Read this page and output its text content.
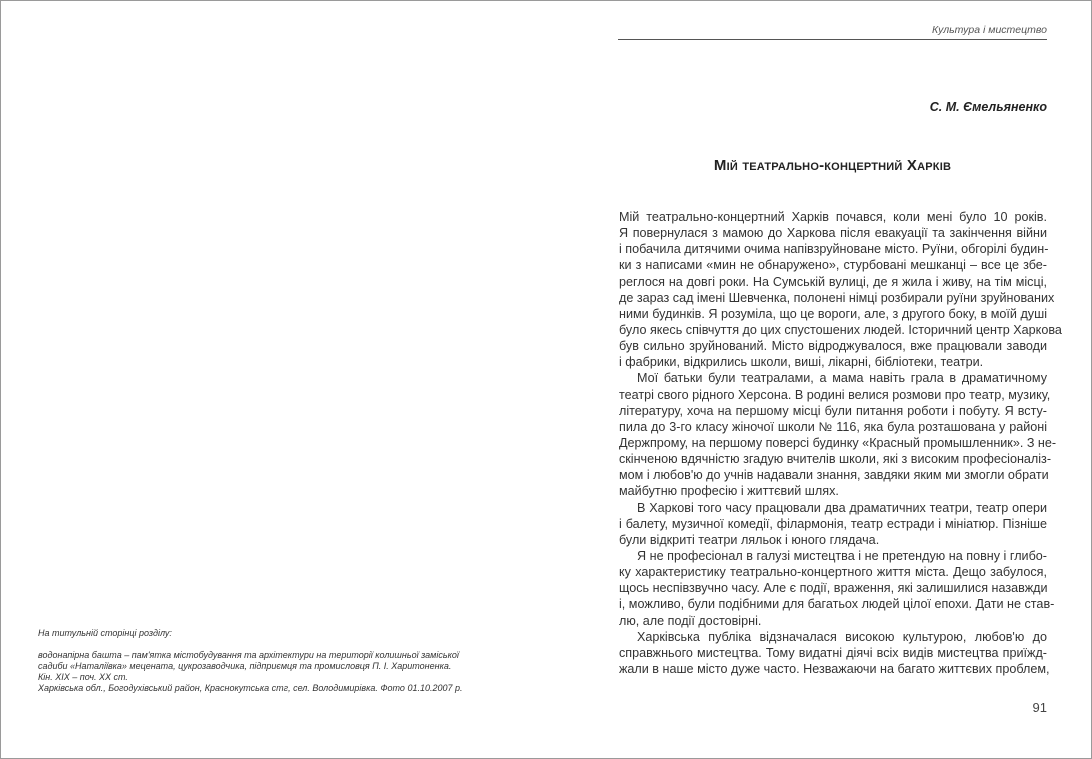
На титульній сторінці розділу:
водонапірна башта – пам'ятка містобудування та архітектури на території колишньої заміської
садиби «Наталіївка» мецената, цукрозаводчика, підприємця та промисловця П. І. Харитоненка.
Кін. XIX – поч. XX ст.
Харківська обл., Богодухівський район, Краснокутська стг, сел. Володимирівка. Фото 01.10.2007 р.
Культура і мистецтво
С. М. Ємельяненко
Мій театрально-концертний Харків
Мій театрально-концертний Харків почався, коли мені було 10 років.
Я повернулася з мамою до Харкова після евакуації та закінчення війни
і побачила дитячими очима напівзруйноване місто. Руїни, обгорілі будин-
ки з написами «мин не обнаружено», стурбовані мешканці – все це збе-
реглося на довгі роки. На Сумській вулиці, де я жила і живу, на тім місці,
де зараз сад імені Шевченка, полонені німці розбирали руїни зруйнованих
ними будинків. Я розуміла, що це вороги, але, з другого боку, в моїй душі
було якесь співчуття до цих спустошених людей. Історичний центр Харкова
був сильно зруйнований. Місто відроджувалося, вже працювали заводи
і фабрики, відкрились школи, виші, лікарні, бібліотеки, театри.
Мої батьки були театралами, а мама навіть грала в драматичному
театрі свого рідного Херсона. В родині велися розмови про театр, музику,
літературу, хоча на першому місці були питання роботи і побуту. Я всту-
пила до 3-го класу жіночої школи № 116, яка була розташована у районі
Держпрому, на першому поверсі будинку «Красный промышленник». З не-
скінченою вдячністю згадую вчителів школи, які з високим професіоналіз-
мом і любов'ю до учнів надавали знання, завдяки яким ми змогли обрати
майбутню професію і життєвий шлях.
В Харкові того часу працювали два драматичних театри, театр опери
і балету, музичної комедії, філармонія, театр естради і мініатюр. Пізніше
були відкриті театри ляльок і юного глядача.
Я не професіонал в галузі мистецтва і не претендую на повну і глибо-
ку характеристику театрально-концертного життя міста. Дещо забулося,
щось неспівзвучно часу. Але є події, враження, які залишилися назавжди
і, можливо, були подібними для багатьох людей цілої епохи. Дати не став-
лю, але події достовірні.
Харківська публіка відзначалася високою культурою, любов'ю до
справжнього мистецтва. Тому видатні діячі всіх видів мистецтва приїжд-
жали в наше місто дуже часто. Незважаючи на багато життєвих проблем,
91
